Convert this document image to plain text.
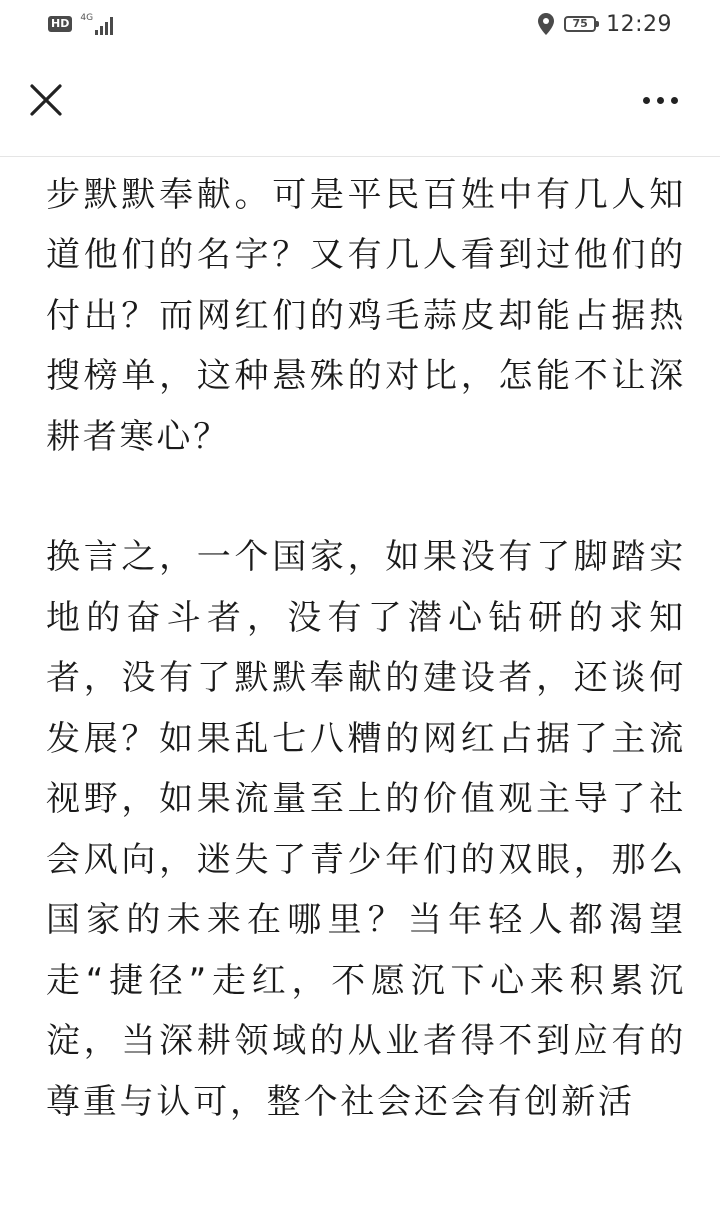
HD	4G	75 12:29

步默默奉献。可是平民百姓中有几人知道他们的名字？又有几人看到过他们的付出？而网红们的鸡毛蒜皮却能占据热搜榜单，这种悬殊的对比，怎能不让深耕者寒心？

换言之，一个国家，如果没有了脚踏实地的奋斗者，没有了潜心钻研的求知者，没有了默默奉献的建设者，还谈何发展？如果乱七八糟的网红占据了主流视野，如果流量至上的价值观主导了社会风向，迷失了青少年们的双眼，那么国家的未来在哪里？当年轻人都渴望走“捷径”走红，不愿沉下心来积累沉淀，当深耕领域的从业者得不到应有的尊重与认可，整个社会还会有创新活
